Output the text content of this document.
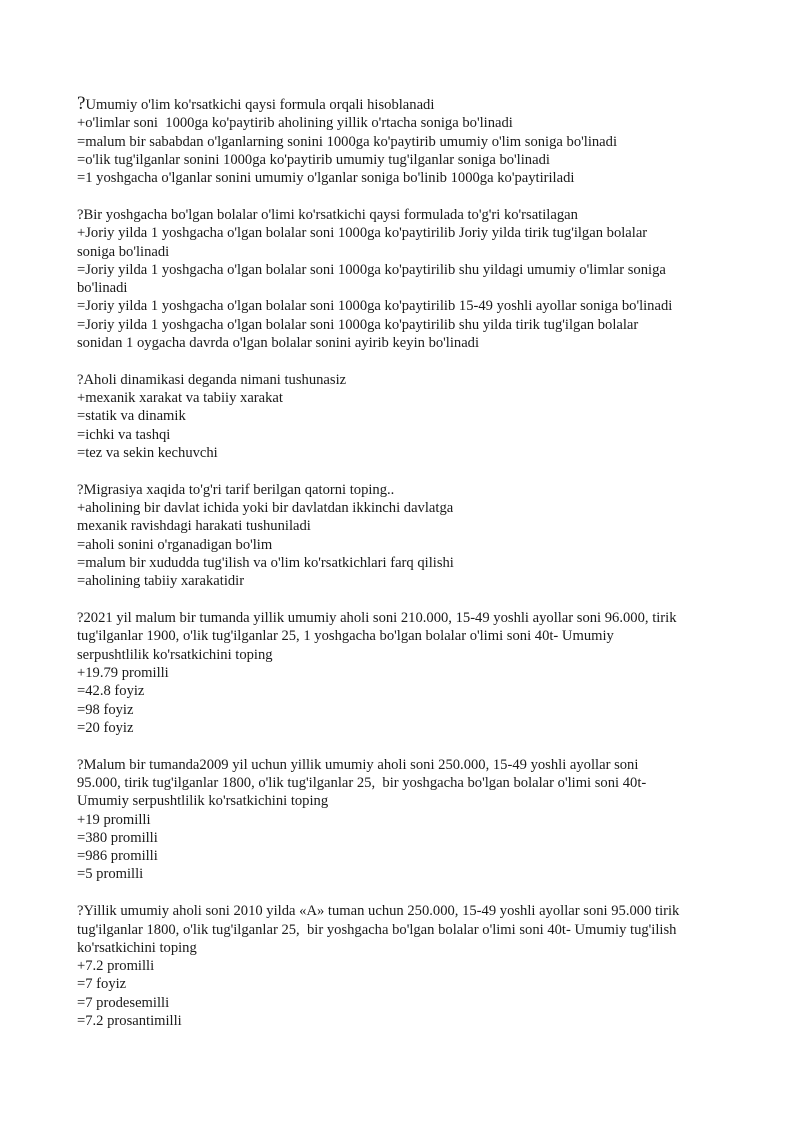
?Umumiy o'lim ko'rsatkichi qaysi formula orqali hisoblanadi
+o'limlar soni  1000ga ko'paytirib aholining yillik o'rtacha soniga bo'linadi
=malum bir sababdan o'lganlarning sonini 1000ga ko'paytirib umumiy o'lim soniga bo'linadi
=o'lik tug'ilganlar sonini 1000ga ko'paytirib umumiy tug'ilganlar soniga bo'linadi
=1 yoshgacha o'lganlar sonini umumiy o'lganlar soniga bo'linib 1000ga ko'paytiriladi
?Bir yoshgacha bo'lgan bolalar o'limi ko'rsatkichi qaysi formulada to'g'ri ko'rsatilagan
+Joriy yilda 1 yoshgacha o'lgan bolalar soni 1000ga ko'paytirilib Joriy yilda tirik tug'ilgan bolalar
soniga bo'linadi
=Joriy yilda 1 yoshgacha o'lgan bolalar soni 1000ga ko'paytirilib shu yildagi umumiy o'limlar soniga
bo'linadi
=Joriy yilda 1 yoshgacha o'lgan bolalar soni 1000ga ko'paytirilib 15-49 yoshli ayollar soniga bo'linadi
=Joriy yilda 1 yoshgacha o'lgan bolalar soni 1000ga ko'paytirilib shu yilda tirik tug'ilgan bolalar
sonidan 1 oygacha davrda o'lgan bolalar sonini ayirib keyin bo'linadi
?Aholi dinamikasi deganda nimani tushunasiz
+mexanik xarakat va tabiiy xarakat
=statik va dinamik
=ichki va tashqi
=tez va sekin kechuvchi
?Migrasiya xaqida to'g'ri tarif berilgan qatorni toping..
+aholining bir davlat ichida yoki bir davlatdan ikkinchi davlatga
mexanik ravishdagi harakati tushuniladi
=aholi sonini o'rganadigan bo'lim
=malum bir xududda tug'ilish va o'lim ko'rsatkichlari farq qilishi
=aholining tabiiy xarakatidir
?2021 yil malum bir tumanda yillik umumiy aholi soni 210.000, 15-49 yoshli ayollar soni 96.000, tirik
tug'ilganlar 1900, o'lik tug'ilganlar 25, 1 yoshgacha bo'lgan bolalar o'limi soni 40t- Umumiy
serpushtlilik ko'rsatkichini toping
+19.79 promilli
=42.8 foyiz
=98 foyiz
=20 foyiz
?Malum bir tumanda2009 yil uchun yillik umumiy aholi soni 250.000, 15-49 yoshli ayollar soni
95.000, tirik tug'ilganlar 1800, o'lik tug'ilganlar 25,  bir yoshgacha bo'lgan bolalar o'limi soni 40t-
Umumiy serpushtlilik ko'rsatkichini toping
+19 promilli
=380 promilli
=986 promilli
=5 promilli
?Yillik umumiy aholi soni 2010 yilda «A» tuman uchun 250.000, 15-49 yoshli ayollar soni 95.000 tirik
tug'ilganlar 1800, o'lik tug'ilganlar 25,  bir yoshgacha bo'lgan bolalar o'limi soni 40t- Umumiy tug'ilish
ko'rsatkichini toping
+7.2 promilli
=7 foyiz
=7 prodesemilli
=7.2 prosantimilli
